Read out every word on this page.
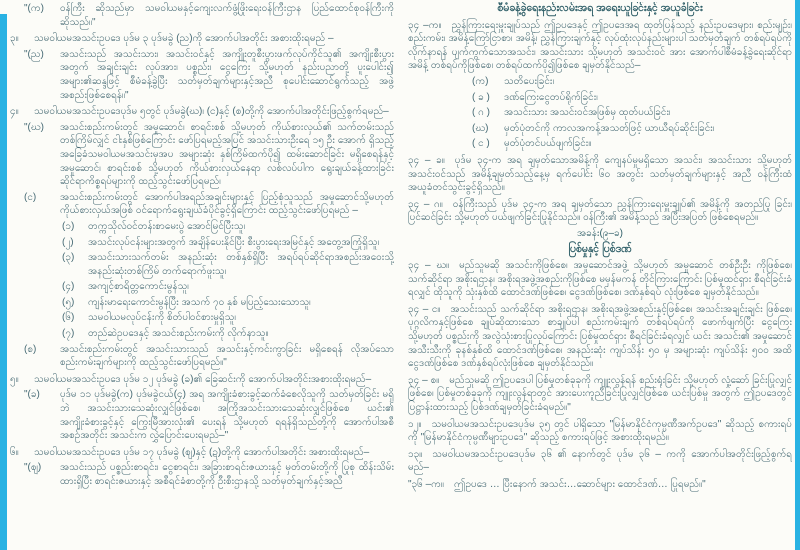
"(က)	ဝန်ကြီး ဆိုသည်မှာ သမဝါယမနှင့်ကျေးလက်ဖွံ့ဖြိုးရေးဝန်ကြီးဌာန ပြည်ထောင်စုဝန်ကြီးကို ဆိုသည်။"
၃။	သမဝါယမအသင်းဥပဒေ ပုဒ်မ ၃ ပုဒ်မခွဲ (ည)ကို အောက်ပါအတိုင်း အစားထိုးရမည် –
"(ည)	အသင်းသည် အသင်းသား၊ အသင်းဝင်နှင့် အကျိုးတူစီးပွားဖက်လုပ်ကိုင်သူ၏ အကျိုးစီးပွား အတွက် အချင်းချင်း လုပ်အား၊ ပစ္စည်း၊ ငွေကြေး သို့မဟုတ် နည်းပညာတို့ ပူးပေါင်း၍ အများ၏ဆန္ဒဖြင့် စီမံခန့်ခွဲပြီး သတ်မှတ်ချက်များနှင့်အညီ စုပေါင်းဆောင်ရွက်သည့် အဖွဲ့ အစည်းဖြစ်စေရန်။"
၄။	သမဝါယမအသင်းဥပဒေပုဒ်မ ၅တွင် ပုဒ်မခွဲ(ဃ)၊ (င)နှင့် (စ)တို့ကို အောက်ပါအတိုင်းဖြည့်စွက်ရမည်–
"(ဃ)	အသင်းစည်းကမ်းတွင် အမှုဆောင်၊ စာရင်းစစ် သို့မဟုတ် ကိုယ်စားလှယ်၏ သက်တမ်းသည် တစ်ကြိမ်လျှင် ငါးနှစ်ဖြစ်ကြောင်း ဖော်ပြရမည့်အပြင် အသင်းသားဦးရေ ၁၅ ဦး အောက် ရှိသည့် အခြေခံသမဝါယမအသင်းမှအပ အများဆုံး နှစ်ကြိမ်ထက်ပို၍ ထမ်းဆောင်ခြင်း မရှိစေရန်နှင့် အမှုဆောင်၊ စာရင်းစစ် သို့မဟုတ် ကိုယ်စားလှယ်နေရာ လစ်လပ်ပါက ရွေးချယ်ခန့်ထားခြင်းဆိုင်ရာကိစ္စရပ်များကို ထည့်သွင်းဖော်ပြရမည်၊
(င)	အသင်းစည်းကမ်းတွင် အောက်ပါအရည်အချင်းများနှင့် ပြည့်စုံသူသည် အမှုဆောင်သို့မဟုတ် ကိုယ်စားလှယ်အဖြစ် ဝင်ရောက်ရွေးချယ်ခံပိုင်ခွင့်ရှိကြောင်း ထည့်သွင်းဖော်ပြရမည် –
(၁)	တက္ကသိုလ်ဝင်တန်းစာမေးပွဲ အောင်မြင်ပြီးသူ၊
(၂)	အသင်းလုပ်ငန်းများအတွက် အချိန်ပေးနိုင်ပြီး စီးပွားရေးအမြင်နှင့် အတွေ့အကြုံရှိသူ၊
(၃)	အသင်းသားသက်တမ်း အနည်းဆုံး တစ်နှစ်ရှိပြီး အရပ်ရပ်ဆိုင်ရာအစည်းအဝေးသို့ အနည်းဆုံးတစ်ကြိမ် တက်ရောက်ဖူးသူ၊
(၄)	အကျင့်စာရိတ္တကောင်းမွန်သူ၊
(၅)	ကျန်းမာရေးကောင်းမွန်ပြီး အသက် ၇၀ နှစ် မပြည့်သေးသောသူ၊
(၆)	သမဝါယမလုပ်ငန်းကို စိတ်ပါဝင်စားမှုရှိသူ၊
(၇)	တည်ဆဲဥပဒေနှင့် အသင်းစည်းကမ်းကို လိုက်နာသူ။
(စ)	အသင်းစည်းကမ်းတွင် အသင်းသားသည် အသင်းနှင့်ကင်းကွာခြင်း မရှိစေရန် လိုအပ်သော စည်းကမ်းချက်များကို ထည့်သွင်းဖော်ပြရမည်။"
၅။	သမဝါယမအသင်းဥပဒေ ပုဒ်မ ၁၂ ပုဒ်မခွဲ (ခ)၏ ခြေဆင်းကို အောက်ပါအတိုင်းအစားထိုးရမည်–
"(ခ)	ပုဒ်မ ၁၁ ပုဒ်မခွဲ(က) ပုဒ်မခွဲငယ်(၄) အရ အကျိုးခံစားခွင့်ဆက်ခံစေလိုသူကို သတ်မှတ်ခြင်း မရှိဘဲ အသင်းသားသေဆုံးလျှင်ဖြစ်စေ၊ အကြိုအသင်းသားသေဆုံးလျှင်ဖြစ်စေ ယင်း၏ အကျိုးခံစားခွင့်နှင့် ကြွေးမြီအားလုံး၏ ပေးရန် သို့မဟုတ် ရရန်ရှိသည်တို့ကို အောက်ပါအစီ အစဉ်အတိုင်း အသင်းက လွှဲပြောင်းပေးရမည်–"
၆။	သမဝါယမအသင်းဥပဒေ ပုဒ်မ ၁၇ ပုဒ်မခွဲ (ဈ)နှင့် (ဍ)တို့ကို အောက်ပါအတိုင်း အစားထိုးရမည်–
"(ဈ)	အသင်းသည် ပစ္စည်းစာရင်း၊ ငွေစာရင်း၊ အခြားစာရင်းဇယားနှင့် မှတ်တမ်းတို့ကို ပြုစု ထိန်းသိမ်းထားရှိပြီး စာရင်းဇယားနှင့် အစီရင်ခံစာတို့ကို ဦးစီးဌာနသို့ သတ်မှတ်ချက်နှင့်အညီ
စီမံခန့်ခွဲရေးနည်းလမ်းအရ အရေးယူခြင်းနှင့် အယူခံခြင်း
၃၄ –က။ ညွှန်ကြားရေးမှူးချုပ်သည် ဤဥပဒေနှင့် ဤဥပဒေအရ ထုတ်ပြန်သည့် နည်းဥပဒေများ၊ စည်းမျဉ်း၊ စည်းကမ်း၊ အမိန့်ကြော်ငြာစာ၊ အမိန့်၊ ညွှန်ကြားချက်နှင့် လုပ်ထုံးလုပ်နည်းများပါ သတ်မှတ်ချက် တစ်ရပ်ရပ်ကို လိုက်နာရန် ပျက်ကွက်သောအသင်း၊ အသင်းသား သို့မဟုတ် အသင်းဝင် အား အောက်ပါစီမံခန့်ခွဲရေးဆိုင်ရာအမိန့် တစ်ရပ်ကိုဖြစ်စေ၊ တစ်ရပ်ထက်ပို၍ဖြစ်စေ ချမှတ်နိုင်သည်–
(က)	သတိပေးခြင်း၊
( ခ )	ဒဏ်ကြေးငွေတပ်ရိုက်ခြင်း၊
( ဂ )	အသင်းသား အသင်းဝင်အဖြစ်မှ ထုတ်ပယ်ခြင်း၊
(ဃ)	မှတ်ပုံတင်ကို ကာလအကန့်အသတ်ဖြင့် ယာယီရပ်ဆိုင်းခြင်း၊
( င )	မှတ်ပုံတင်ပယ်ဖျက်ခြင်း။
၃၄ – ခ။ ပုဒ်မ ၃၄-က အရ ချမှတ်သောအမိန့်ကို ကျေနပ်မှုမရှိသော အသင်း၊ အသင်းသား သို့မဟုတ် အသင်းဝင်သည် အမိန့်ချမှတ်သည့်နေ့မှ ရက်ပေါင်း ၆၀ အတွင်း သတ်မှတ်ချက်များနှင့် အညီ ဝန်ကြီးထံ အယူခံတင်သွင်းခွင့်ရှိသည်။
၃၄ – ဂ။ ဝန်ကြီးသည် ပုဒ်မ ၃၄-က အရ ချမှတ်သော ညွှန်ကြားရေးမှူးချုပ်၏ အမိန့်ကို အတည်ပြု ခြင်း၊ ပြင်ဆင်ခြင်း သို့မဟုတ် ပယ်ဖျက်ခြင်းပြုနိုင်သည်။ ဝန်ကြီး၏ အမိန့်သည် အပြီးအပြတ် ဖြစ်စေရမည်။
အခန်း(၉–ခ)
ပြစ်မှုနှင့် ပြစ်ဒဏ်
၃၄ – ဃ။ မည်သူမဆို အသင်းကိုဖြစ်စေ၊ အမှုဆောင်အဖွဲ့ သို့မဟုတ် အမှုဆောင် တစ်ဦးဦး ကိုဖြစ်စေ၊ သက်ဆိုင်ရာ အစိုးရဌာန၊ အစိုးရအဖွဲ့အစည်းကိုဖြစ်စေ မမှန်မကန် တိုင်ကြားကြောင်း ပြစ်မှုထင်ရှား စီရင်ခြင်းခံရလျှင် ထိုသူကို သုံးနှစ်ထိ ထောင်ဒဏ်ဖြစ်စေ၊ ငွေဒဏ်ဖြစ်စေ၊ ဒဏ်နှစ်ရပ် လုံးဖြစ်စေ ချမှတ်နိုင်သည်။
၃၄ – င။ အသင်းသည် သက်ဆိုင်ရာ အစိုးရဌာန၊ အစိုးရအဖွဲ့အစည်းနှင့်ဖြစ်စေ၊ အသင်းအချင်းချင်း ဖြစ်စေ၊ ပုဂ္ဂလိကနှင့်ဖြစ်စေ ချုပ်ဆိုထားသော စာချုပ်ပါ စည်းကမ်းချက် တစ်ရပ်ရပ်ကို ဖောက်ဖျက်ပြီး ငွေကြေး သို့မဟုတ် ပစ္စည်းကို အလွဲသုံးစားပြုလုပ်ကြောင်း ပြစ်မှုထင်ရှား စီရင်ခြင်းခံရလျှင် ယင်း အသင်း၏ အမှုဆောင်အသီးသီးကို ခုနစ်နှစ်ထိ ထောင်ဒဏ်ဖြစ်စေ၊ အနည်းဆုံး ကျပ်သိန်း ၅၀ မှ အများဆုံး ကျပ်သိန်း ၅၀၀ အထိ ငွေဒဏ်ဖြစ်စေ ဒဏ်နှစ်ရပ်လုံးဖြစ်စေ ချမှတ်နိုင်သည်။
၃၄ – စ။ မည်သူမဆို ဤဥပဒေပါ ပြစ်မှုတစ်ခုခုကို ကျူးလွန်ရန် စည်းရုံးခြင်း သို့မဟုတ် လှုံ့ဆော် ခြင်းပြုလျှင်ဖြစ်စေ၊ ပြစ်မှုတစ်ခုခုကို ကျူးလွန်ရာတွင် အားပေးကူညီခြင်းပြုလျှင်ဖြစ်စေ ယင်းပြစ်မှု အတွက် ဤဥပဒေတွင် ပြဋ္ဌာန်းထားသည့် ပြစ်ဒဏ်ချမှတ်ခြင်းခံရမည်။"
၁၂။ သမဝါယမအသင်းဥပဒေပုဒ်မ ၃၅ တွင် ပါရှိသော "မြန်မာနိုင်ငံကုမ္ပဏီအက်ဥပဒေ" ဆိုသည့် စကားရပ်ကို "မြန်မာနိုင်ငံကုမ္ပဏီများဥပဒေ" ဆိုသည့် စကားရပ်ဖြင့် အစားထိုးရမည်။
၁၃။ သမဝါယမအသင်းဥပဒေပုဒ်မ ၃၆ ၏ နောက်တွင် ပုဒ်မ ၃၆ – ကကို အောက်ပါအတိုင်းဖြည့်စွက်ရမည်–
"၃၆ –က။ ဤဥပဒေ … ပြီးနောက် အသင်း…ဆောင်များ ထောင်ဒဏ်… ပြုရမည်။"
